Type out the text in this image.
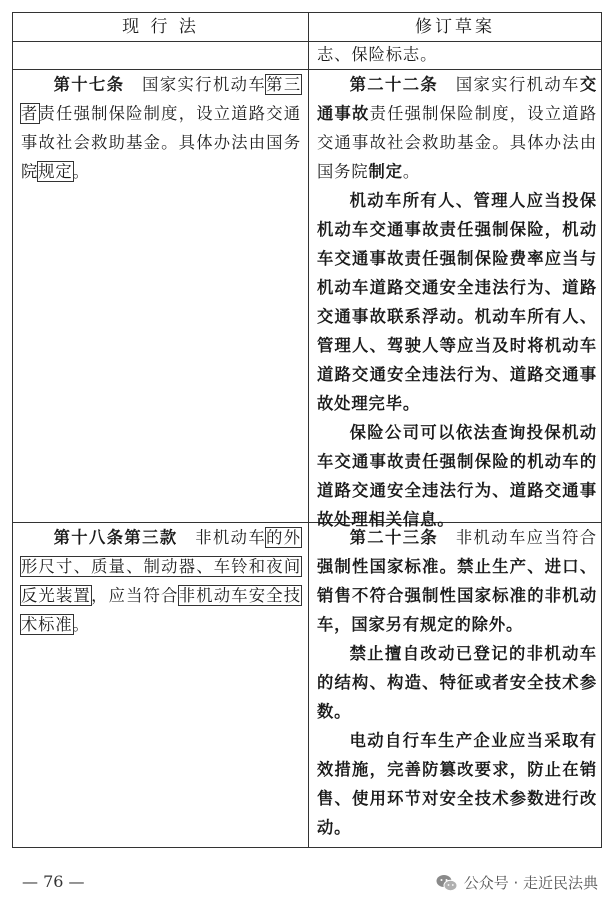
现 行 法	修订草案

志、保险标志。

第十七条　国家实行机动车第三者责任强制保险制度，设立道路交通事故社会救助基金。具体办法由国务院规定。

第二十二条　国家实行机动车交通事故责任强制保险制度，设立道路交通事故社会救助基金。具体办法由国务院制定。

机动车所有人、管理人应当投保机动车交通事故责任强制保险，机动车交通事故责任强制保险费率应当与机动车道路交通安全违法行为、道路交通事故联系浮动。机动车所有人、管理人、驾驶人等应当及时将机动车道路交通安全违法行为、道路交通事故处理完毕。

保险公司可以依法查询投保机动车交通事故责任强制保险的机动车的道路交通安全违法行为、道路交通事故处理相关信息。

第十八条第三款　非机动车的外形尺寸、质量、制动器、车铃和夜间反光装置，应当符合非机动车安全技术标准。

第二十三条　非机动车应当符合强制性国家标准。禁止生产、进口、销售不符合强制性国家标准的非机动车，国家另有规定的除外。

禁止擅自改动已登记的非机动车的结构、构造、特征或者安全技术参数。

电动自行车生产企业应当采取有效措施，完善防篡改要求，防止在销售、使用环节对安全技术参数进行改动。

— 76 —	公众号 · 走近民法典
